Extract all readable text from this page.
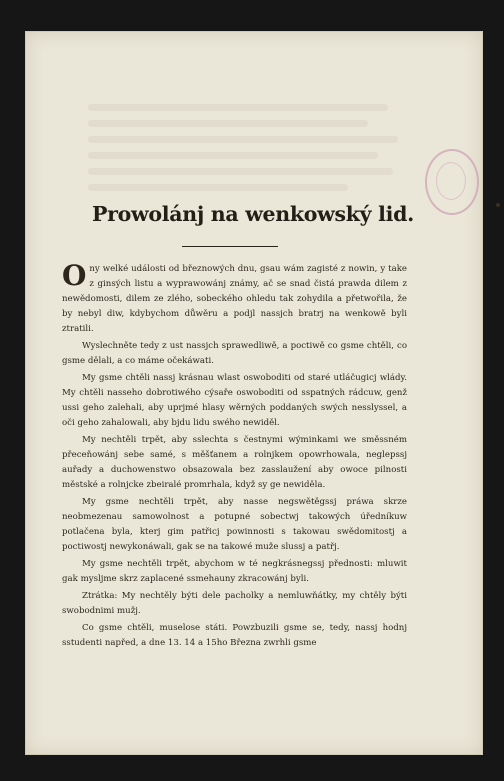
Prowolánj na wenkowský lid.

Ony welké události od březnowých dnu, gsau wám zagisté z nowin, y take z ginsých listu a wyprawowánj známy, ač se snad čistá prawda dilem z newědomosti, dilem ze zlého, sobeckého ohledu tak zohydila a přetwořila, že by nebyl diw, kdybychom důwěru a podjl nassjch bratrj na wenkowě byli ztratili.

Wyslechněte tedy z ust nassjch sprawedliwě, a poctiwě co gsme chtěli, co gsme dělali, a co máme očekáwati.

My gsme chtěli nassj krásnau wlast oswoboditi od staré utláčugicj wlády. My chtěli nasseho dobrotiwého cýsaře oswoboditi od sspatných rádcuw, genž ussi geho zalehali, aby uprjmé hlasy wěrných poddaných swých nesslyssel, a oči geho zahalowali, aby bjdu lidu swého newiděl.

My nechtěli trpět, aby sslechta s čestnymi wýminkami we směssném přeceňowánj sebe samé, s měšťanem a rolnjkem opowrhowala, neglepssj auřady a duchowenstwo obsazowala bez zasslaužení aby owoce pilnosti městské a rolnjcke zbeiralé promrhala, když sy ge newiděla.

My gsme nechtěli trpět, aby nasse negswětěgssj práwa skrze neobmezenau samowolnost a potupné sobectwj takowých úředníkuw potlačena byla, kterj gim patřicj powinnosti s takowau swědomitostj a poctiwostj newykonáwali, gak se na takowé muže slussj a patřj.

My gsme nechtěli trpět, abychom w té negkrásnegssj přednosti: mluwit gak mysljme skrz zaplacené ssmehauny zkracowánj byli.

Ztrátka: My nechtěly býti dele pacholky a nemluwňátky, my chtěly býti swobodnimi mužj.

Co gsme chtěli, muselose státi. Powzbuzili gsme se, tedy, nassj hodnj sstudenti napřed, a dne 13. 14 a 15ho Března zwrhli gsme
